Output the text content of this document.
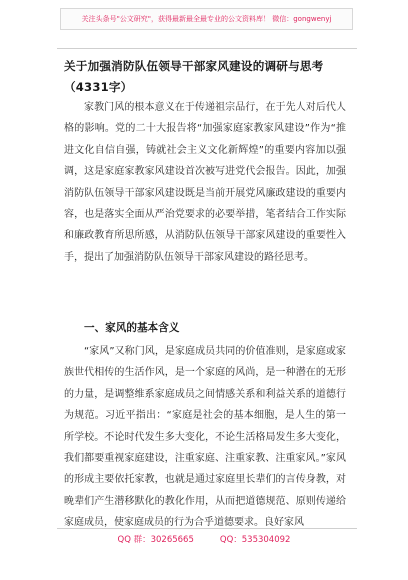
关注头条号"公文研究"，获得最新最全最专业的公文资料库！ 微信：gongwenyj
关于加强消防队伍领导干部家风建设的调研与思考（4331字）

家教门风的根本意义在于传递祖宗品行，在于先人对后代人格的影响。党的二十大报告将“加强家庭家教家风建设”作为“推进文化自信自强，铸就社会主义文化新辉煌”的重要内容加以强调，这是家庭家教家风建设首次被写进党代会报告。因此，加强消防队伍领导干部家风建设既是当前开展党风廉政建设的重要内容，也是落实全面从严治党要求的必要举措，笔者结合工作实际和廉政教育所思所感，从消防队伍领导干部家风建设的重要性入手，提出了加强消防队伍领导干部家风建设的路径思考。

一、家风的基本含义

“家风”又称门风，是家庭成员共同的价值准则，是家庭或家族世代相传的生活作风，是一个家庭的风尚，是一种潜在的无形的力量，是调整维系家庭成员之间情感关系和利益关系的道德行为规范。习近平指出：“家庭是社会的基本细胞，是人生的第一所学校。不论时代发生多大变化，不论生活格局发生多大变化，我们都要重视家庭建设，注重家庭、注重家教、注重家风。”家风的形成主要依托家教，也就是通过家庭里长辈们的言传身教，对晚辈们产生潜移默化的教化作用，从而把道德规范、原则传递给家庭成员，使家庭成员的行为合乎道德要求。良好家风

QQ 群：30265665	QQ：535304092
